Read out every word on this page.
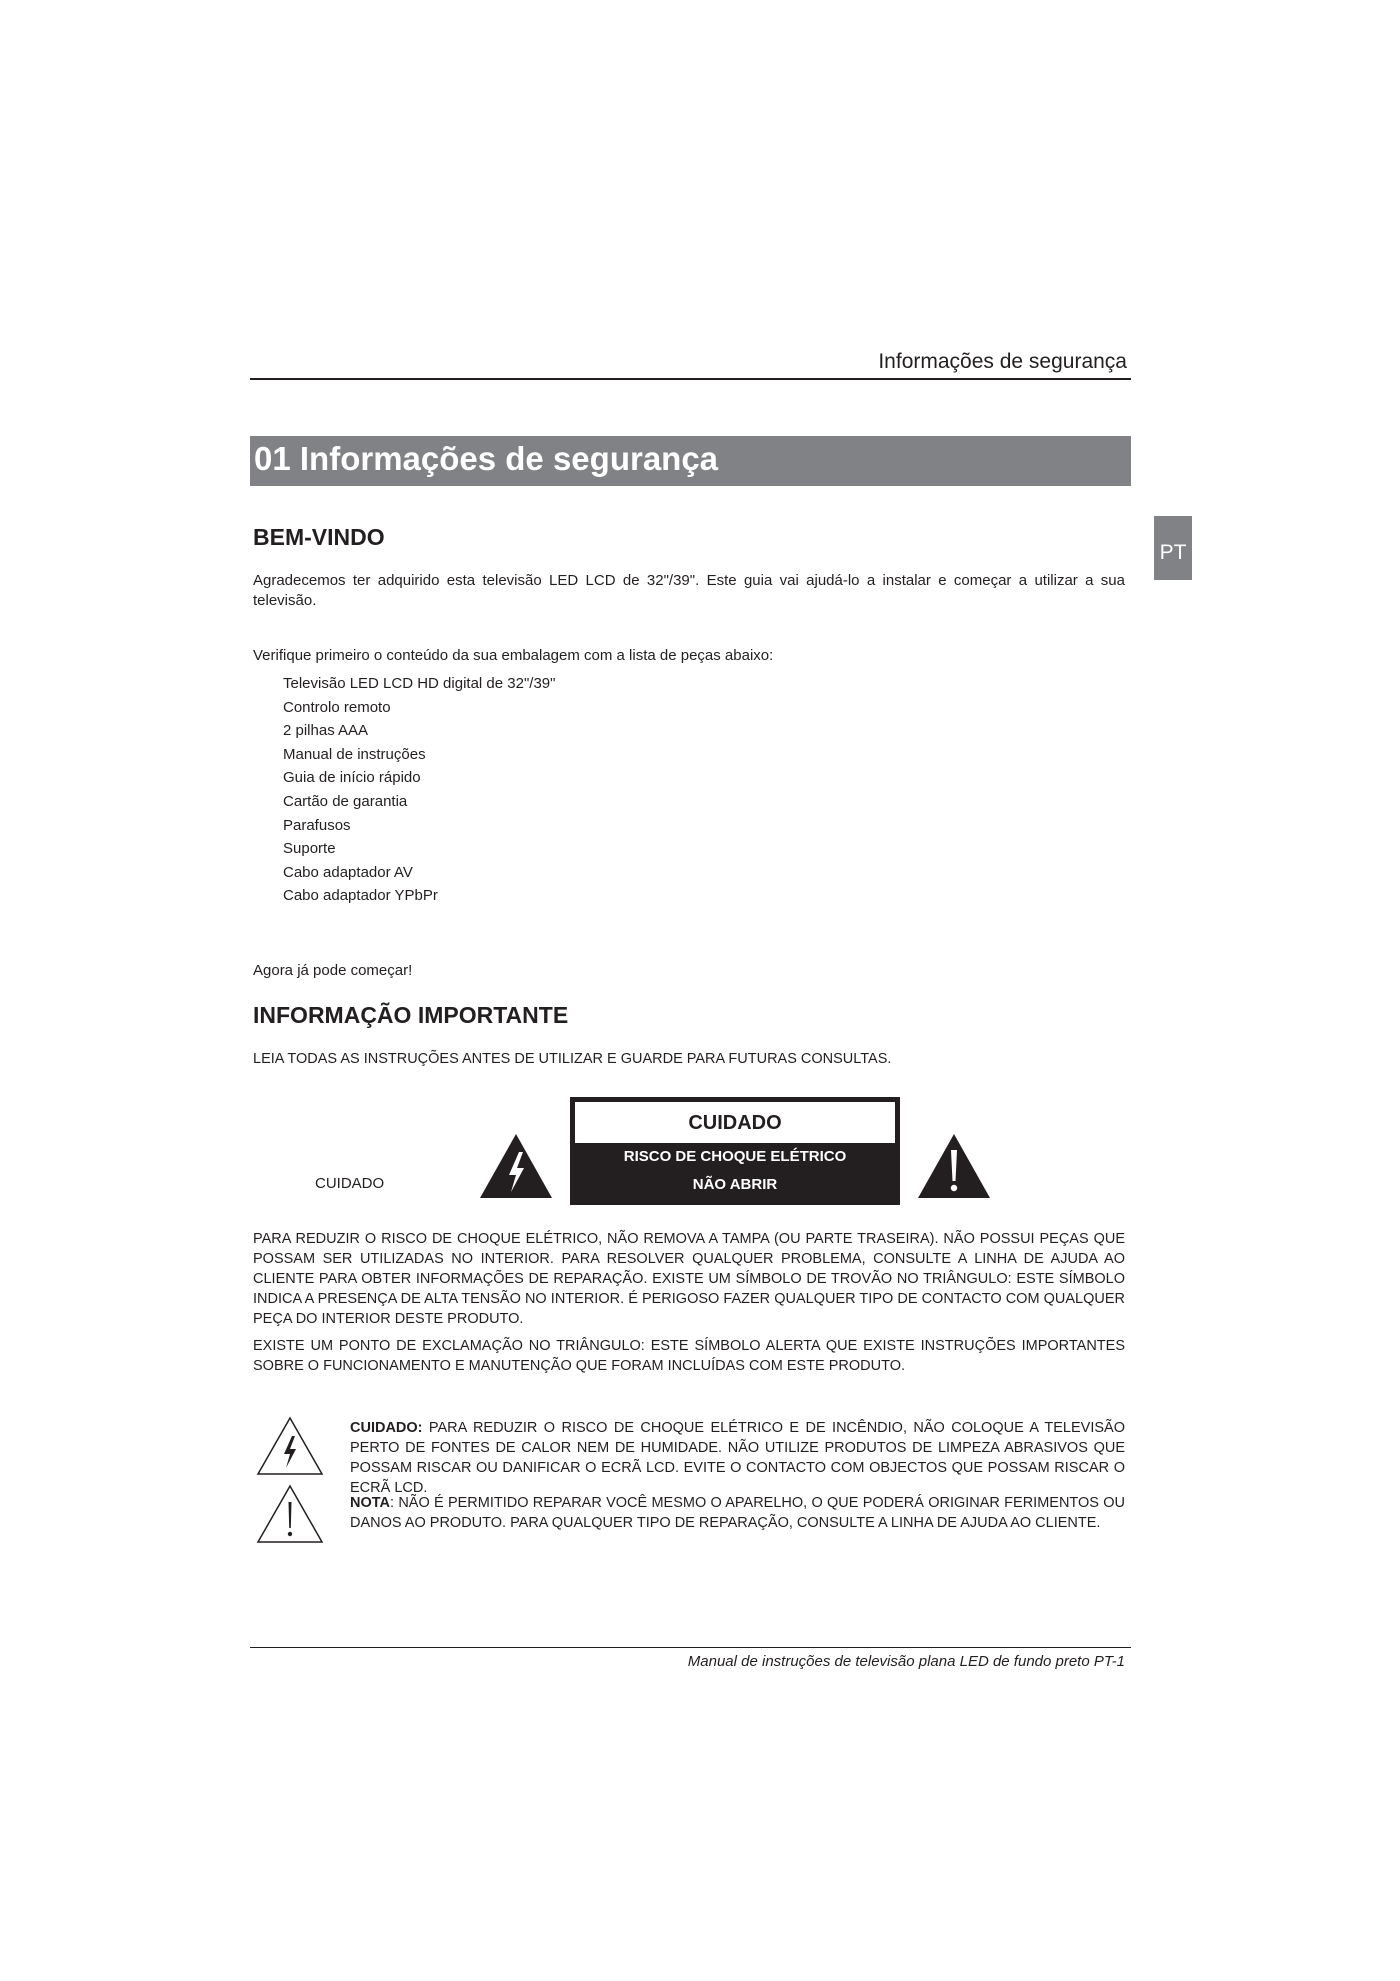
Informações de segurança
01 Informações de segurança
PT
BEM-VINDO
Agradecemos ter adquirido esta televisão LED LCD de 32"/39". Este guia vai ajudá-lo a instalar e começar a utilizar a sua televisão.
Verifique primeiro o conteúdo da sua embalagem com a lista de peças abaixo:
Televisão LED LCD HD digital de 32"/39"
Controlo remoto
2 pilhas AAA
Manual de instruções
Guia de início rápido
Cartão de garantia
Parafusos
Suporte
Cabo adaptador AV
Cabo adaptador YPbPr
Agora já pode começar!
INFORMAÇÃO IMPORTANTE
LEIA TODAS AS INSTRUÇÕES ANTES DE UTILIZAR E GUARDE PARA FUTURAS CONSULTAS.
CUIDADO
CUIDADO
RISCO DE CHOQUE ELÉTRICO
NÃO ABRIR
PARA REDUZIR O RISCO DE CHOQUE ELÉTRICO, NÃO REMOVA A TAMPA (OU PARTE TRASEIRA). NÃO POSSUI PEÇAS QUE POSSAM SER UTILIZADAS NO INTERIOR. PARA RESOLVER QUALQUER PROBLEMA, CONSULTE A LINHA DE AJUDA AO CLIENTE PARA OBTER INFORMAÇÕES DE REPARAÇÃO. EXISTE UM SÍMBOLO DE TROVÃO NO TRIÂNGULO: ESTE SÍMBOLO INDICA A PRESENÇA DE ALTA TENSÃO NO INTERIOR. É PERIGOSO FAZER QUALQUER TIPO DE CONTACTO COM QUALQUER PEÇA DO INTERIOR DESTE PRODUTO.
EXISTE UM PONTO DE EXCLAMAÇÃO NO TRIÂNGULO: ESTE SÍMBOLO ALERTA QUE EXISTE INSTRUÇÕES IMPORTANTES SOBRE O FUNCIONAMENTO E MANUTENÇÃO QUE FORAM INCLUÍDAS COM ESTE PRODUTO.
CUIDADO: PARA REDUZIR O RISCO DE CHOQUE ELÉTRICO E DE INCÊNDIO, NÃO COLOQUE A TELEVISÃO PERTO DE FONTES DE CALOR NEM DE HUMIDADE. NÃO UTILIZE PRODUTOS DE LIMPEZA ABRASIVOS QUE POSSAM RISCAR OU DANIFICAR O ECRÃ LCD. EVITE O CONTACTO COM OBJECTOS QUE POSSAM RISCAR O ECRÃ LCD.
NOTA: NÃO É PERMITIDO REPARAR VOCÊ MESMO O APARELHO, O QUE PODERÁ ORIGINAR FERIMENTOS OU DANOS AO PRODUTO. PARA QUALQUER TIPO DE REPARAÇÃO, CONSULTE A LINHA DE AJUDA AO CLIENTE.
Manual de instruções de televisão plana LED de fundo preto PT-1
